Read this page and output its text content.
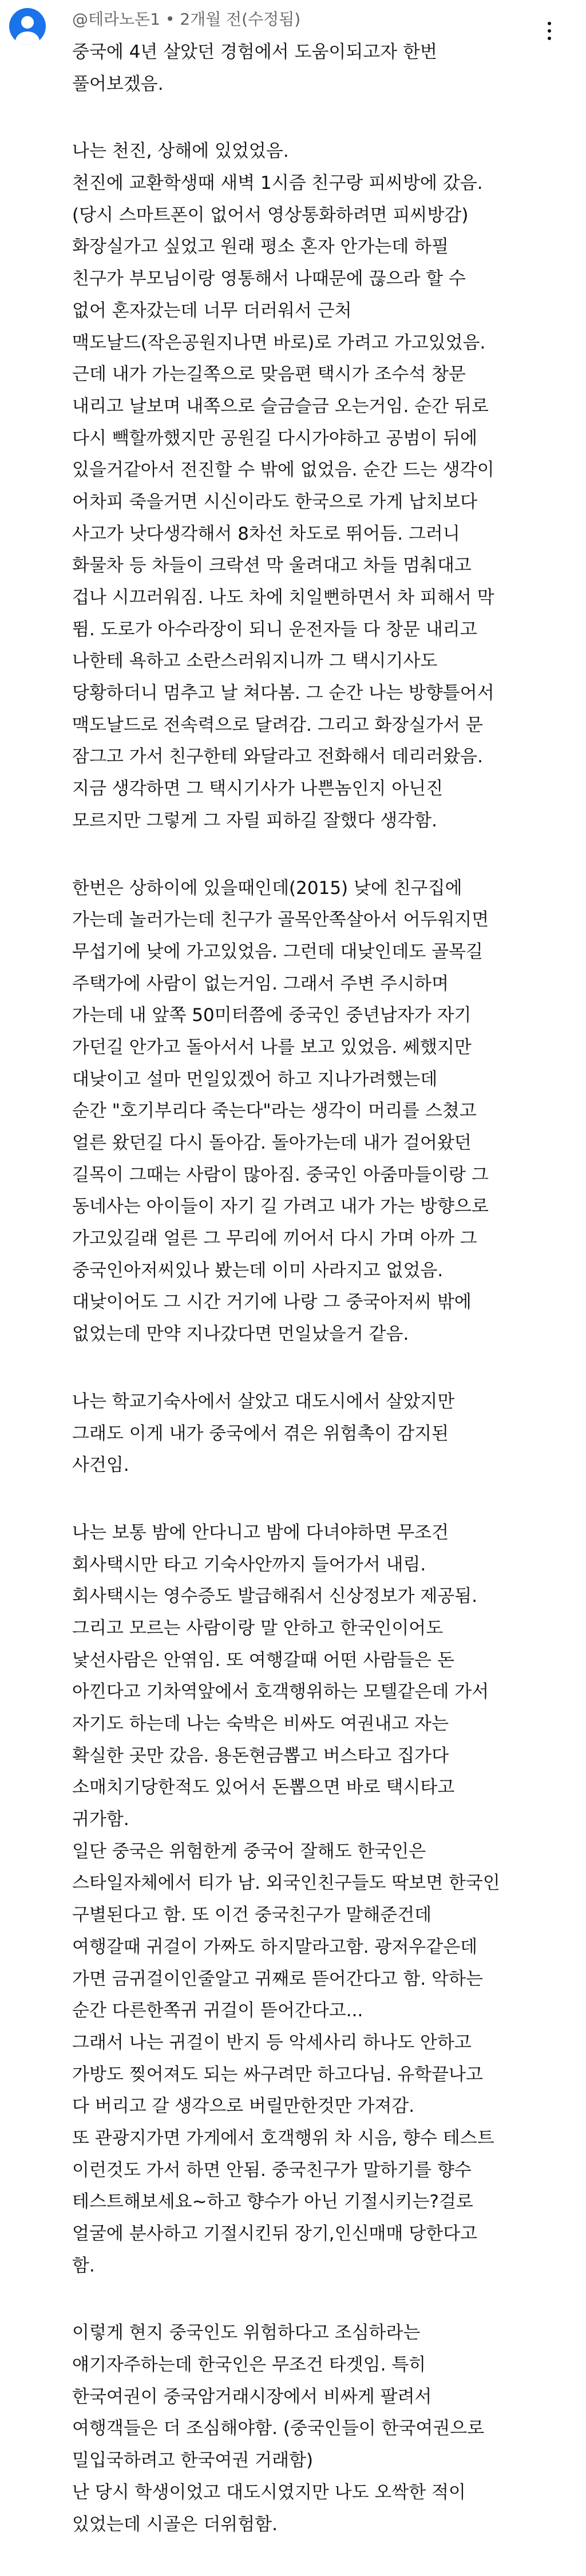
@테라노돈1 • 2개월 전(수정됨)
중국에 4년 살았던 경험에서 도움이되고자 한번
풀어보겠음.
나는 천진, 상해에 있었었음.
천진에 교환학생때 새벽 1시즘 친구랑 피씨방에 갔음.
(당시 스마트폰이 없어서 영상통화하려면 피씨방감)
화장실가고 싶었고 원래 평소 혼자 안가는데 하필
친구가 부모님이랑 영통해서 나때문에 끊으라 할 수
없어 혼자갔는데 너무 더러워서 근처
맥도날드(작은공원지나면 바로)로 가려고 가고있었음.
근데 내가 가는길쪽으로 맞음편 택시가 조수석 창문
내리고 날보며 내쪽으로 슬금슬금 오는거임. 순간 뒤로
다시 빽할까했지만 공원길 다시가야하고 공범이 뒤에
있을거같아서 전진할 수 밖에 없었음. 순간 드는 생각이
어차피 죽을거면 시신이라도 한국으로 가게 납치보다
사고가 낫다생각해서 8차선 차도로 뛰어듬. 그러니
화물차 등 차들이 크락션 막 울려대고 차들 멈춰대고
겁나 시끄러워짐. 나도 차에 치일뻔하면서 차 피해서 막
뜀. 도로가 아수라장이 되니 운전자들 다 창문 내리고
나한테 욕하고 소란스러워지니까 그 택시기사도
당황하더니 멈추고 날 쳐다봄. 그 순간 나는 방향틀어서
맥도날드로 전속력으로 달려감. 그리고 화장실가서 문
잠그고 가서 친구한테 와달라고 전화해서 데리러왔음.
지금 생각하면 그 택시기사가 나쁜놈인지 아닌진
모르지만 그렇게 그 자릴 피하길 잘했다 생각함.
한번은 상하이에 있을때인데(2015) 낮에 친구집에
가는데 놀러가는데 친구가 골목안쪽살아서 어두워지면
무섭기에 낮에 가고있었음. 그런데 대낮인데도 골목길
주택가에 사람이 없는거임. 그래서 주변 주시하며
가는데 내 앞쪽 50미터쯤에 중국인 중년남자가 자기
가던길 안가고 돌아서서 나를 보고 있었음. 쎄했지만
대낮이고 설마 먼일있겠어 하고 지나가려했는데
순간 "호기부리다 죽는다"라는 생각이 머리를 스쳤고
얼른 왔던길 다시 돌아감. 돌아가는데 내가 걸어왔던
길목이 그때는 사람이 많아짐. 중국인 아줌마들이랑 그
동네사는 아이들이 자기 길 가려고 내가 가는 방향으로
가고있길래 얼른 그 무리에 끼어서 다시 가며 아까 그
중국인아저씨있나 봤는데 이미 사라지고 없었음.
대낮이어도 그 시간 거기에 나랑 그 중국아저씨 밖에
없었는데 만약 지나갔다면 먼일났을거 같음.
나는 학교기숙사에서 살았고 대도시에서 살았지만
그래도 이게 내가 중국에서 겪은 위험촉이 감지된
사건임.
나는 보통 밤에 안다니고 밤에 다녀야하면 무조건
회사택시만 타고 기숙사안까지 들어가서 내림.
회사택시는 영수증도 발급해줘서 신상정보가 제공됨.
그리고 모르는 사람이랑 말 안하고 한국인이어도
낯선사람은 안엮임. 또 여행갈때 어떤 사람들은 돈
아낀다고 기차역앞에서 호객행위하는 모텔같은데 가서
자기도 하는데 나는 숙박은 비싸도 여권내고 자는
확실한 곳만 갔음. 용돈현금뽑고 버스타고 집가다
소매치기당한적도 있어서 돈뽑으면 바로 택시타고
귀가함.
일단 중국은 위험한게 중국어 잘해도 한국인은
스타일자체에서 티가 남. 외국인친구들도 딱보면 한국인
구별된다고 함. 또 이건 중국친구가 말해준건데
여행갈때 귀걸이 가짜도 하지말라고함. 광저우같은데
가면 금귀걸이인줄알고 귀째로 뜯어간다고 함. 악하는
순간 다른한쪽귀 귀걸이 뜯어간다고...
그래서 나는 귀걸이 반지 등 악세사리 하나도 안하고
가방도 찢어져도 되는 싸구려만 하고다님. 유학끝나고
다 버리고 갈 생각으로 버릴만한것만 가져감.
또 관광지가면 가게에서 호객행위 차 시음, 향수 테스트
이런것도 가서 하면 안됨. 중국친구가 말하기를 향수
테스트해보세요~하고 향수가 아닌 기절시키는?걸로
얼굴에 분사하고 기절시킨뒤 장기,인신매매 당한다고
함.
이렇게 현지 중국인도 위험하다고 조심하라는
얘기자주하는데 한국인은 무조건 타겟임. 특히
한국여권이 중국암거래시장에서 비싸게 팔려서
여행객들은 더 조심해야함. (중국인들이 한국여권으로
밀입국하려고 한국여권 거래함)
난 당시 학생이었고 대도시였지만 나도 오싹한 적이
있었는데 시골은 더위험함.
